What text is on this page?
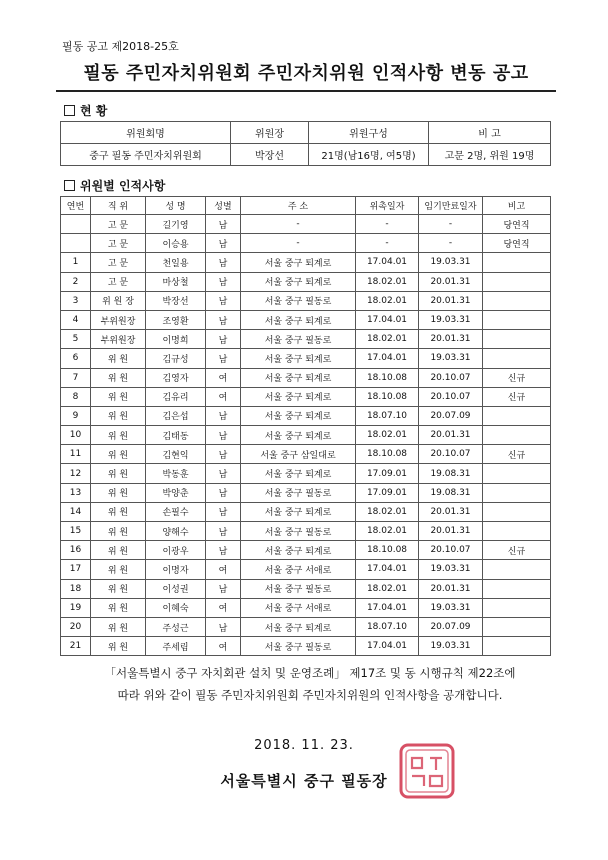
필동 공고 제2018-25호
필동 주민자치위원회 주민자치위원 인적사항 변동 공고
현 황
위원회명	위원장	위원구성	비 고
중구 필동 주민자치위원회	박장선	21명(남16명, 여5명)	고문 2명, 위원 19명
위원별 인적사항
연번	직 위	성 명	성별	주 소	위촉일자	임기만료일자	비고
	고 문	길기영	남	-	-	-	당연직
	고 문	이승용	남	-	-	-	당연직
1	고 문	천일용	남	서울 중구 퇴계로	17.04.01	19.03.31	
2	고 문	마상철	남	서울 중구 퇴계로	18.02.01	20.01.31	
3	위 원 장	박장선	남	서울 중구 필동로	18.02.01	20.01.31	
4	부위원장	조영환	남	서울 중구 퇴계로	17.04.01	19.03.31	
5	부위원장	이명희	남	서울 중구 필동로	18.02.01	20.01.31	
6	위 원	김규성	남	서울 중구 퇴계로	17.04.01	19.03.31	
7	위 원	김영자	여	서울 중구 퇴계로	18.10.08	20.10.07	신규
8	위 원	김유리	여	서울 중구 퇴계로	18.10.08	20.10.07	신규
9	위 원	김은섭	남	서울 중구 퇴계로	18.07.10	20.07.09	
10	위 원	김태동	남	서울 중구 퇴계로	18.02.01	20.01.31	
11	위 원	김현익	남	서울 중구 삼일대로	18.10.08	20.10.07	신규
12	위 원	박동훈	남	서울 중구 퇴계로	17.09.01	19.08.31	
13	위 원	박양춘	남	서울 중구 필동로	17.09.01	19.08.31	
14	위 원	손필수	남	서울 중구 퇴계로	18.02.01	20.01.31	
15	위 원	양해수	남	서울 중구 필동로	18.02.01	20.01.31	
16	위 원	이광우	남	서울 중구 퇴계로	18.10.08	20.10.07	신규
17	위 원	이명자	여	서울 중구 서애로	17.04.01	19.03.31	
18	위 원	이성권	남	서울 중구 필동로	18.02.01	20.01.31	
19	위 원	이혜숙	여	서울 중구 서애로	17.04.01	19.03.31	
20	위 원	주성근	남	서울 중구 퇴계로	18.07.10	20.07.09	
21	위 원	주세림	여	서울 중구 필동로	17.04.01	19.03.31	
「서울특별시 중구 자치회관 설치 및 운영조례」 제17조 및 동 시행규칙 제22조에
따라 위와 같이 필동 주민자치위원회 주민자치위원의 인적사항을 공개합니다.
2018. 11. 23.
서울특별시 중구 필동장
